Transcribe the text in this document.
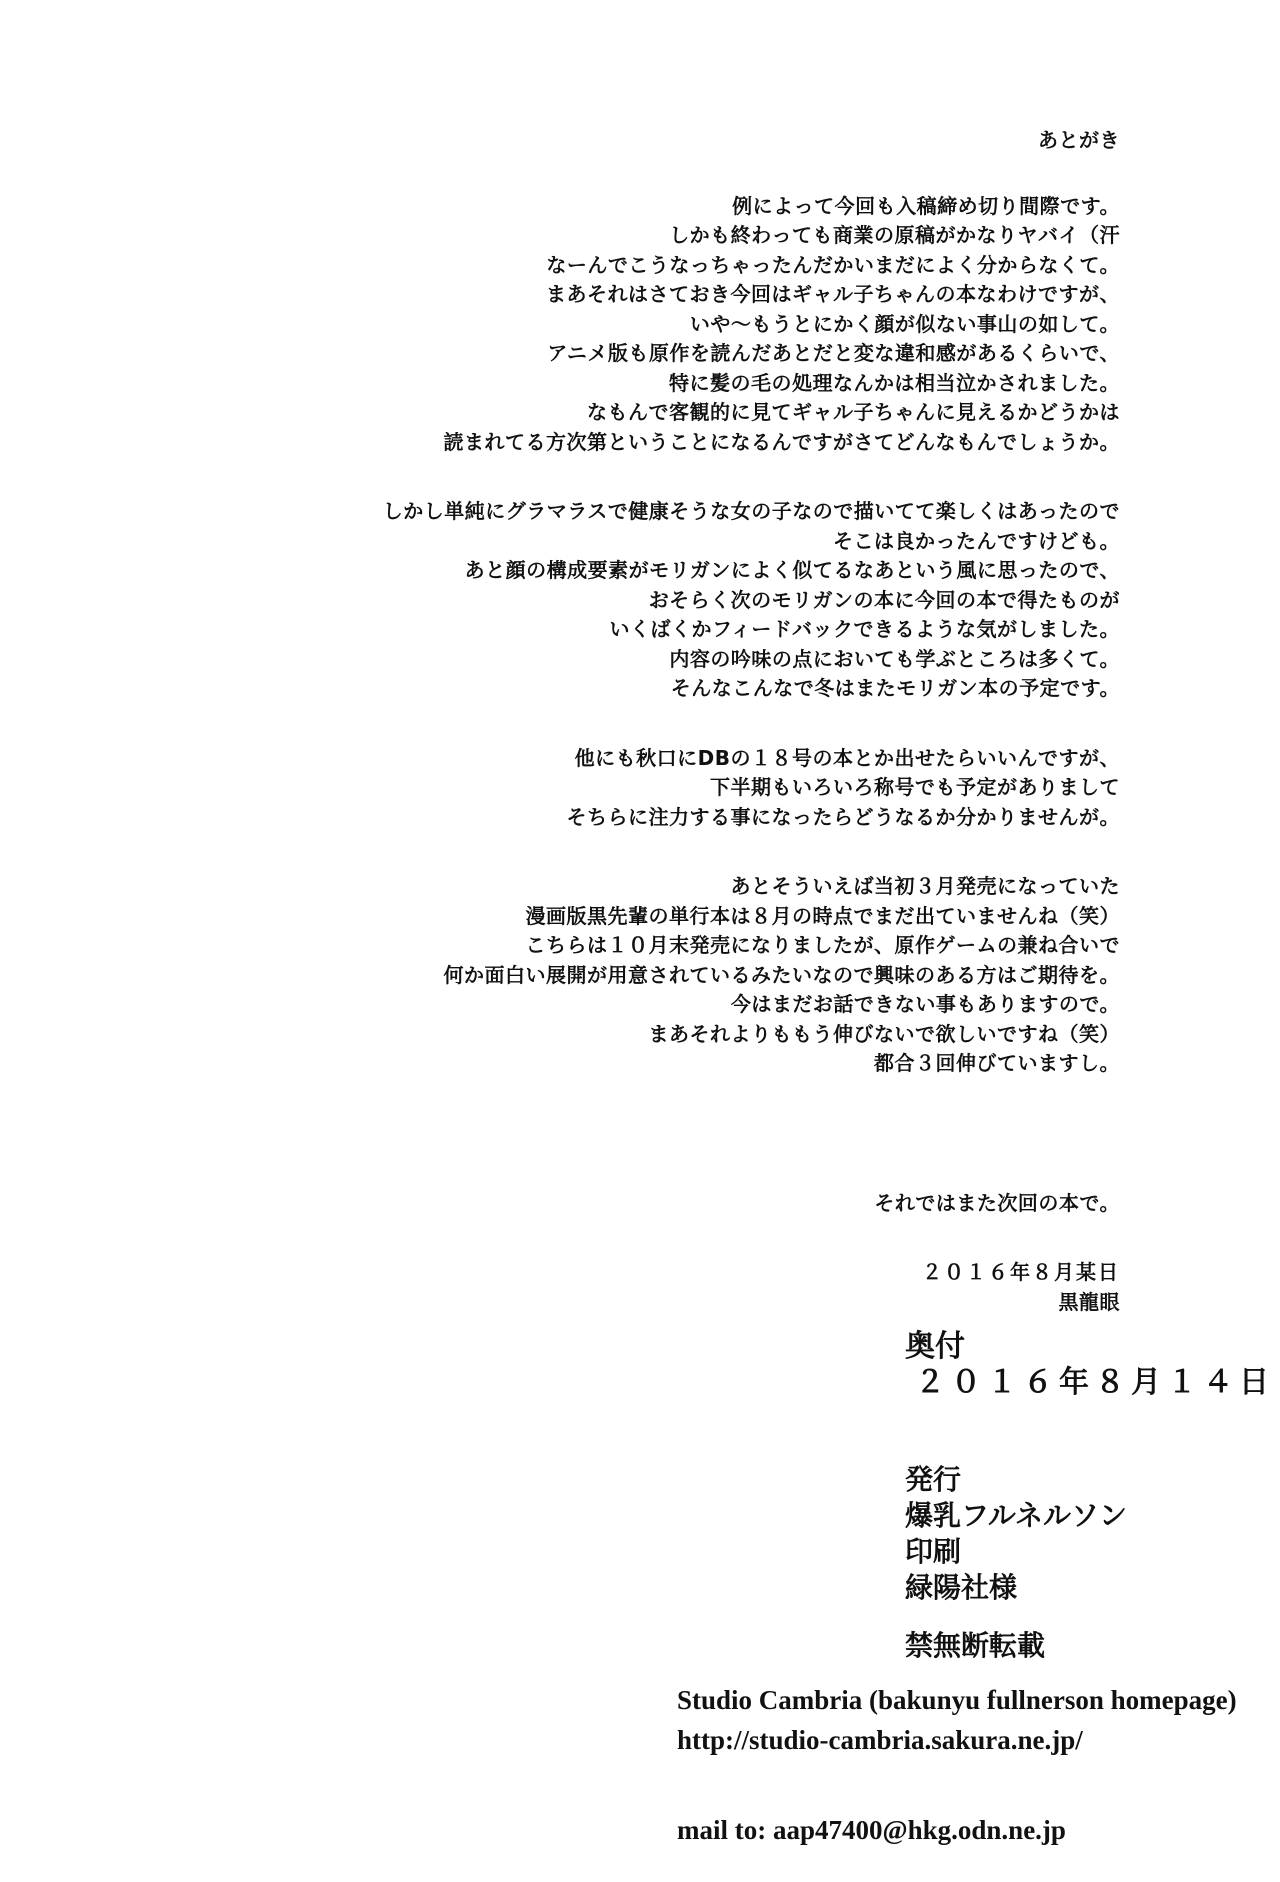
あとがき
例によって今回も入稿締め切り間際です。
しかも終わっても商業の原稿がかなりヤバイ（汗
なーんでこうなっちゃったんだかいまだによく分からなくて。
まあそれはさておき今回はギャル子ちゃんの本なわけですが、
いや～もうとにかく顔が似ない事山の如して。
アニメ版も原作を読んだあとだと変な違和感があるくらいで、
特に髪の毛の処理なんかは相当泣かされました。
なもんで客観的に見てギャル子ちゃんに見えるかどうかは
読まれてる方次第ということになるんですがさてどんなもんでしょうか。
しかし単純にグラマラスで健康そうな女の子なので描いてて楽しくはあったので
そこは良かったんですけども。
あと顔の構成要素がモリガンによく似てるなあという風に思ったので、
おそらく次のモリガンの本に今回の本で得たものが
いくばくかフィードバックできるような気がしました。
内容の吟味の点においても学ぶところは多くて。
そんなこんなで冬はまたモリガン本の予定です。
他にも秋口にDBの１８号の本とか出せたらいいんですが、
下半期もいろいろ称号でも予定がありまして
そちらに注力する事になったらどうなるか分かりませんが。
あとそういえば当初３月発売になっていた
漫画版黒先輩の単行本は８月の時点でまだ出ていませんね（笑）
こちらは１０月末発売になりましたが、原作ゲームの兼ね合いで
何か面白い展開が用意されているみたいなので興味のある方はご期待を。
今はまだお話できない事もありますので。
まあそれよりももう伸びないで欲しいですね（笑）
都合３回伸びていますし。
それではまた次回の本で。
２０１６年８月某日
黒龍眼
奥付
２０１６年８月１４日
発行
爆乳フルネルソン
印刷
緑陽社様
禁無断転載
Studio Cambria (bakunyu fullnerson homepage)
http://studio-cambria.sakura.ne.jp/
mail to: aap47400@hkg.odn.ne.jp
